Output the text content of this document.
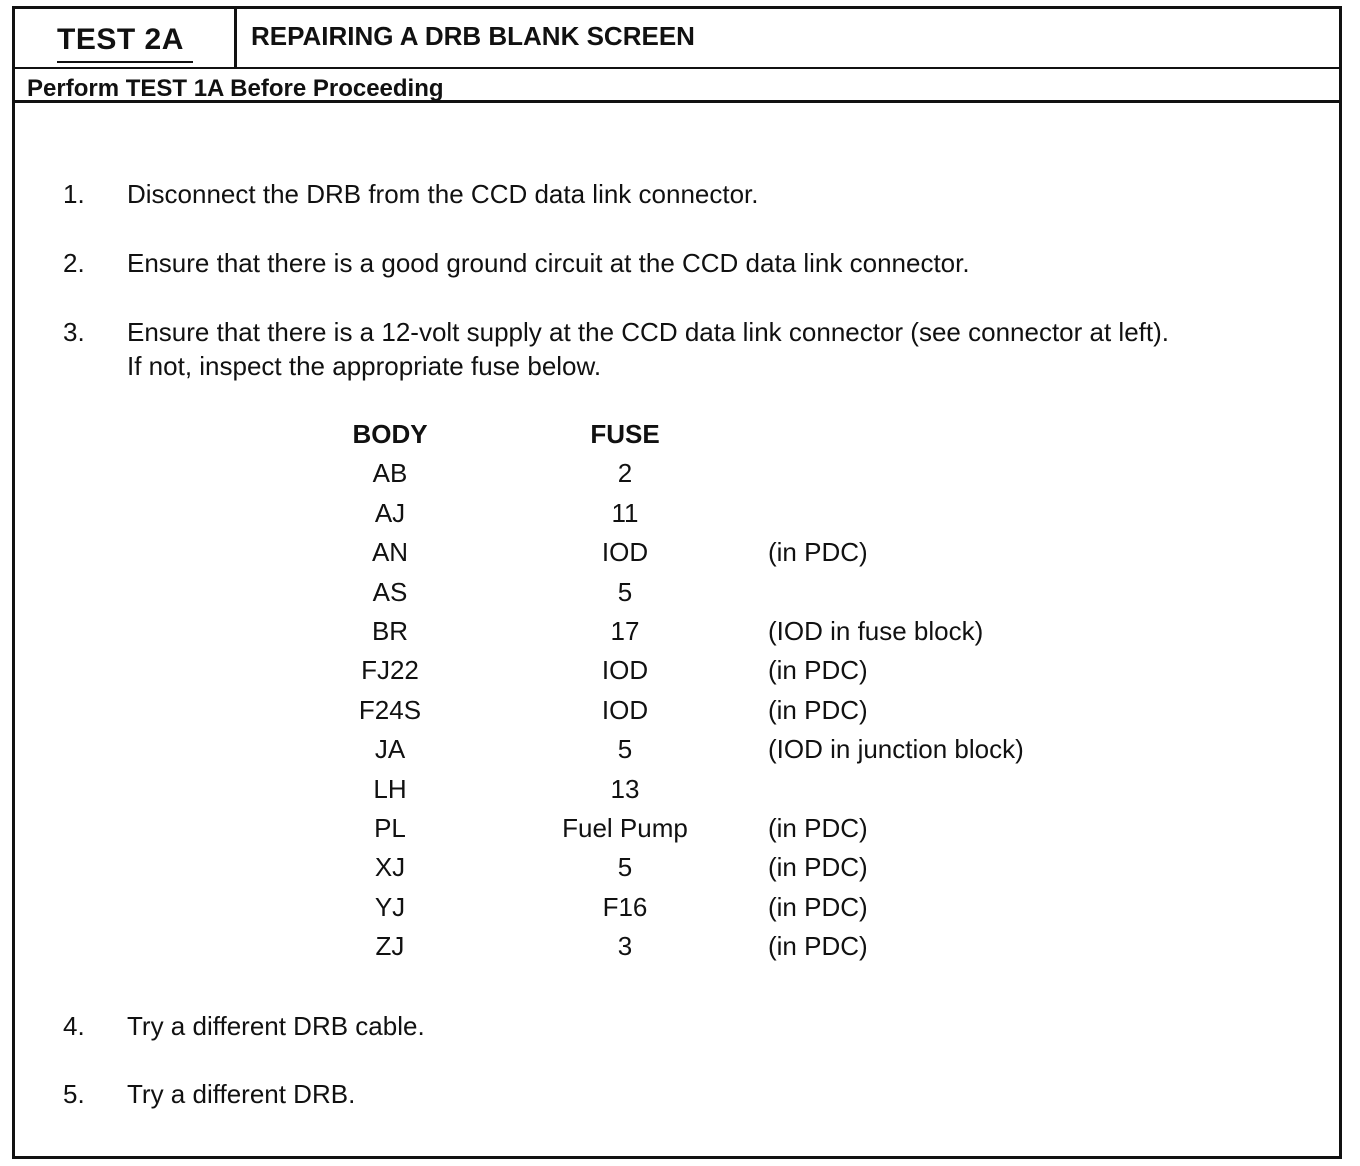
TEST 2A	REPAIRING A DRB BLANK SCREEN
Perform TEST 1A Before Proceeding
1.	Disconnect the DRB from the CCD data link connector.
2.	Ensure that there is a good ground circuit at the CCD data link connector.
3.	Ensure that there is a 12-volt supply at the CCD data link connector (see connector at left).
If not, inspect the appropriate fuse below.
BODY	FUSE
AB	2
AJ	11
AN	IOD	(in PDC)
AS	5
BR	17	(IOD in fuse block)
FJ22	IOD	(in PDC)
F24S	IOD	(in PDC)
JA	5	(IOD in junction block)
LH	13
PL	Fuel Pump	(in PDC)
XJ	5	(in PDC)
YJ	F16	(in PDC)
ZJ	3	(in PDC)
4.	Try a different DRB cable.
5.	Try a different DRB.
